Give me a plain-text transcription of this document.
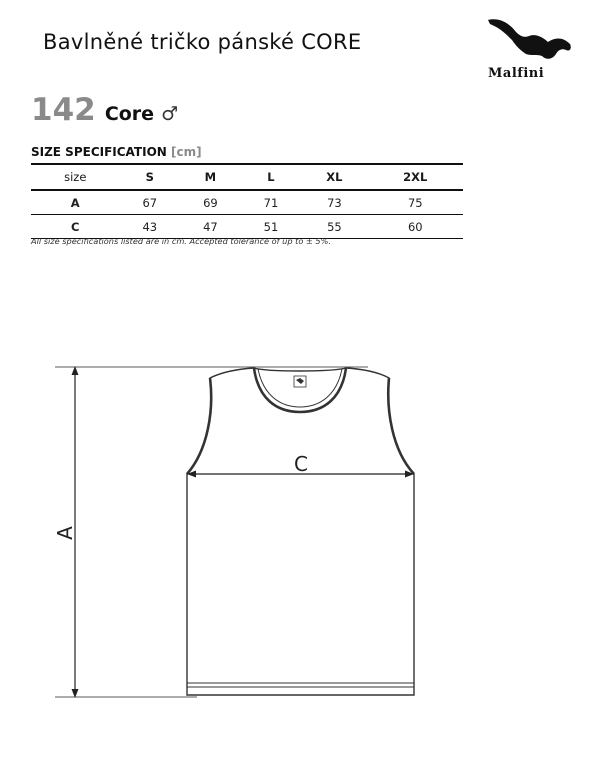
Bavlněné tričko pánské CORE
Malfini
142 Core ♂
SIZE SPECIFICATION [cm]
size	S	M	L	XL	2XL
A	67	69	71	73	75
C	43	47	51	55	60
All size specifications listed are in cm. Accepted tolerance of up to ± 5%.
A
C
